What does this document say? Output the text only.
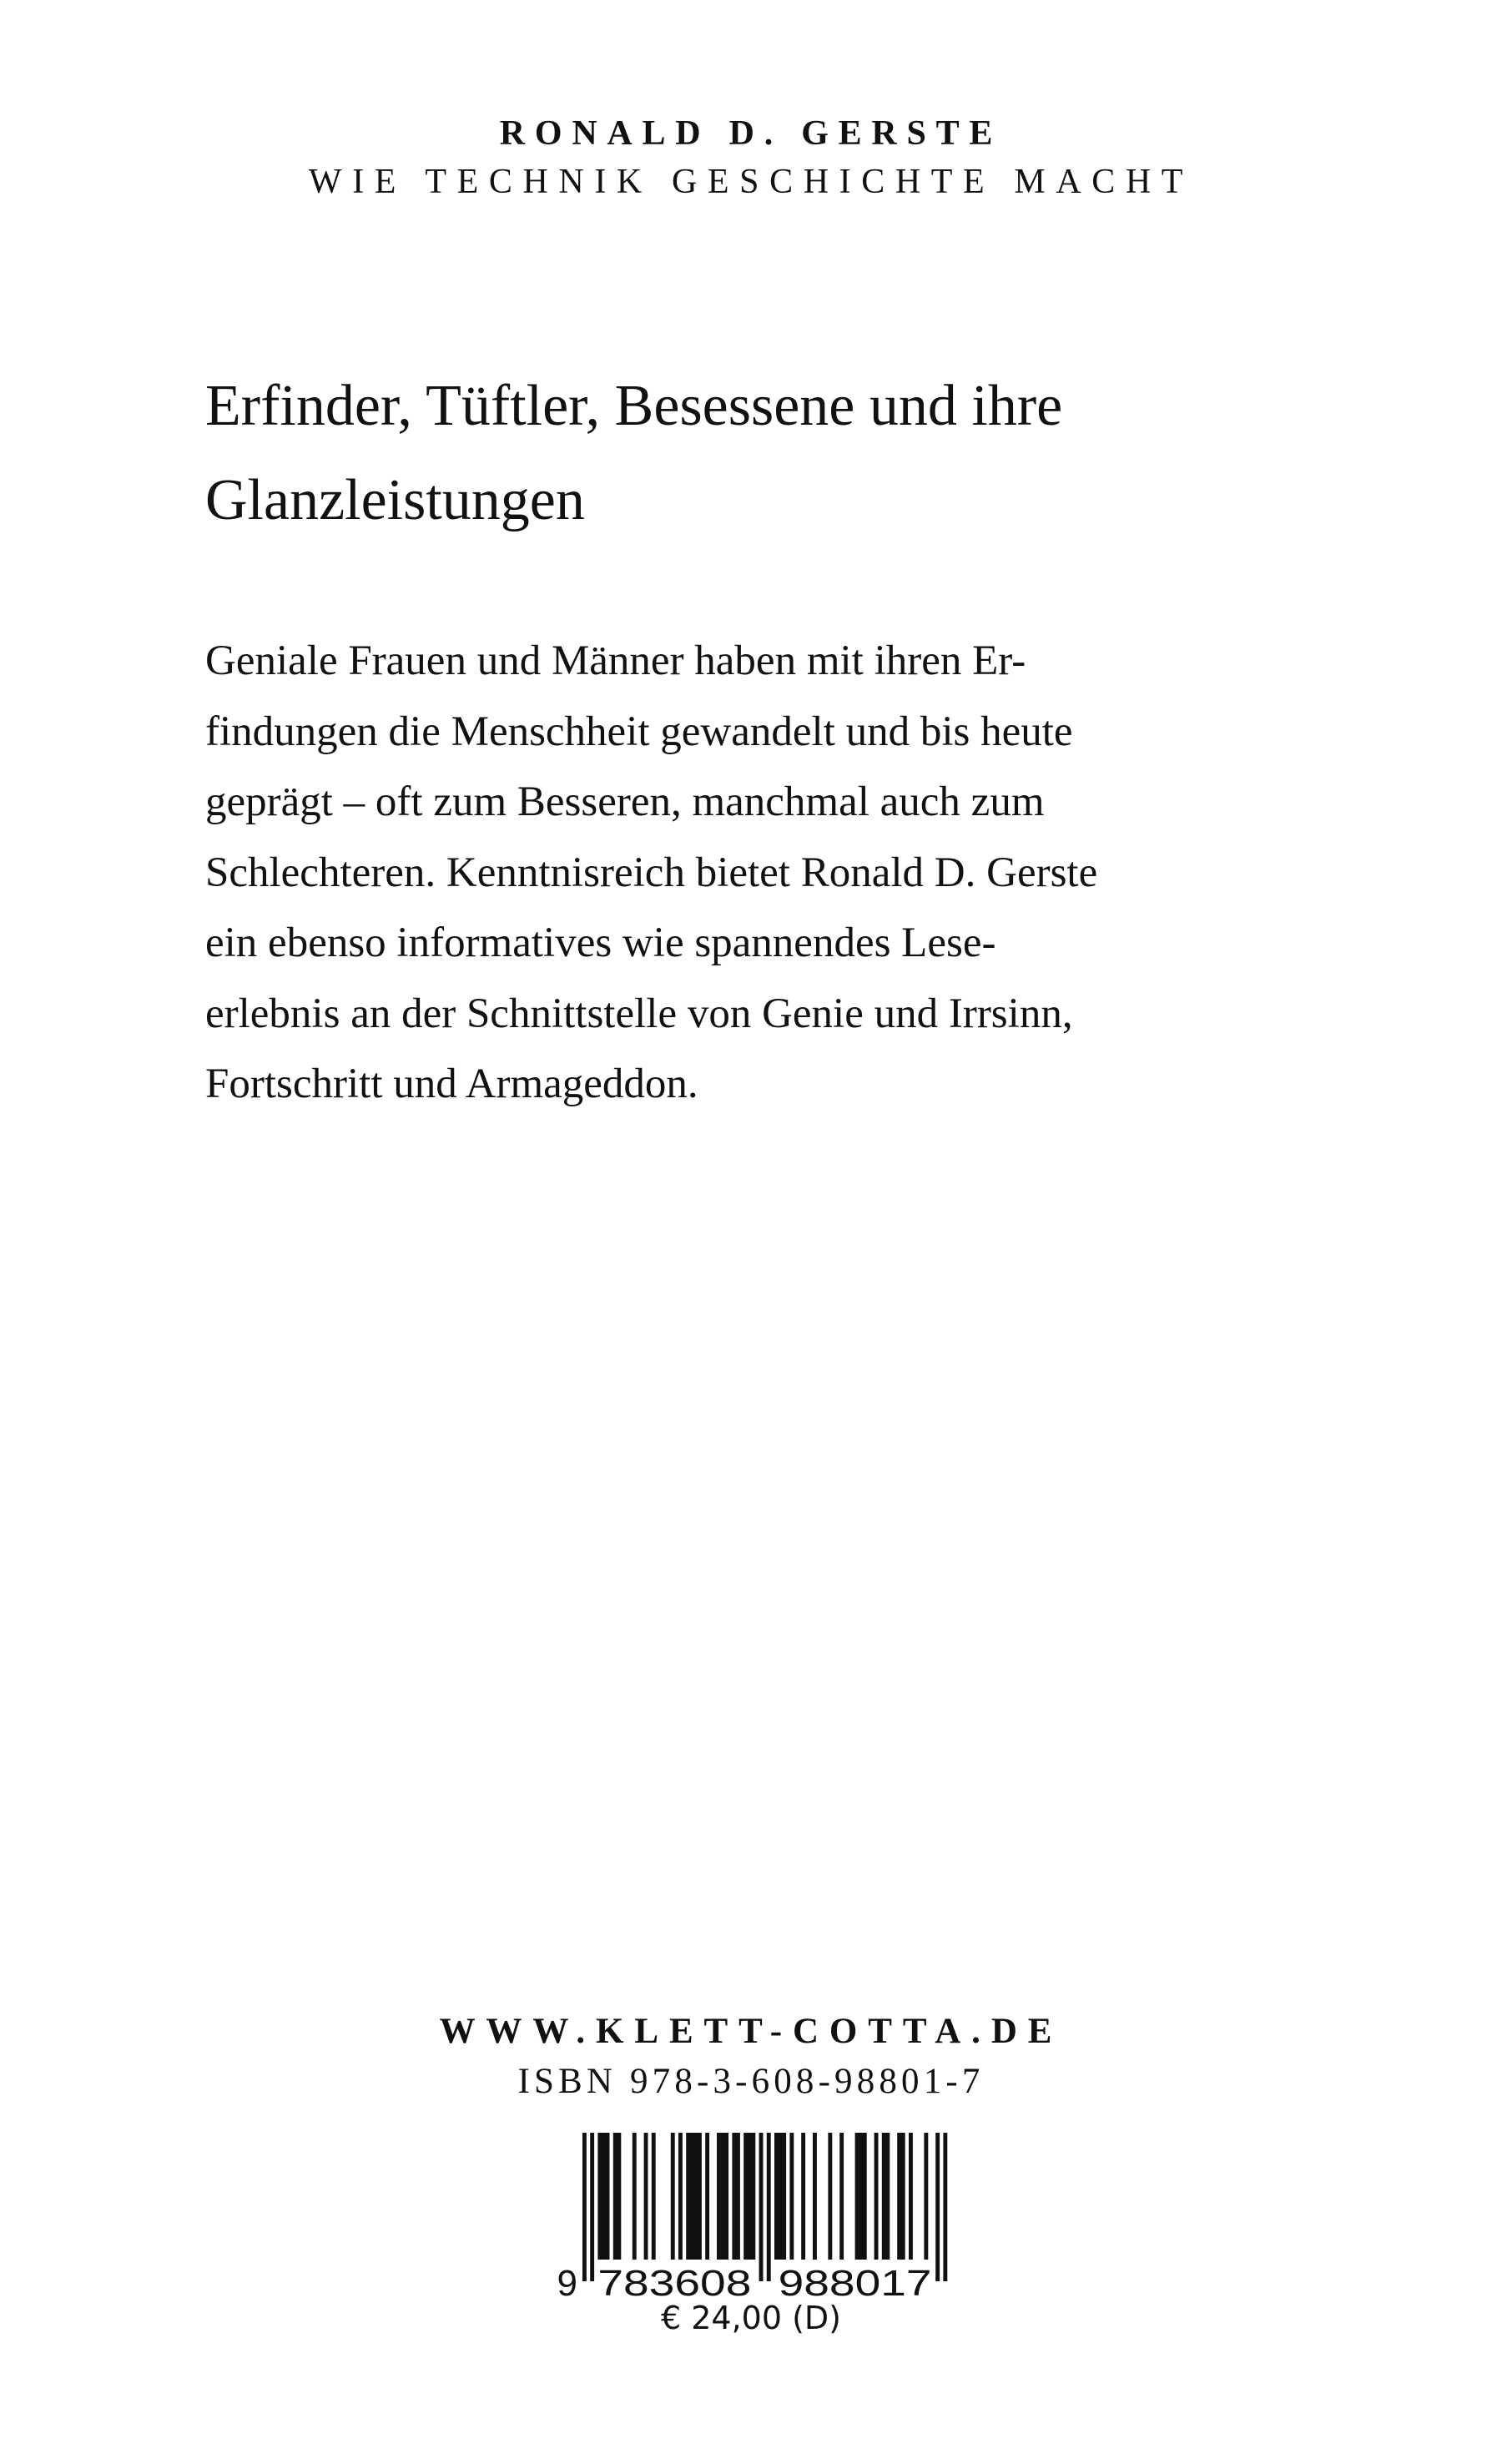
RONALD D. GERSTE
WIE TECHNIK GESCHICHTE MACHT
Erfinder, Tüftler, Besessene und ihre
Glanzleistungen
Geniale Frauen und Männer haben mit ihren Er-
findungen die Menschheit gewandelt und bis heute
geprägt – oft zum Besseren, manchmal auch zum
Schlechteren. Kenntnisreich bietet Ronald D. Gerste
ein ebenso informatives wie spannendes Lese-
erlebnis an der Schnittstelle von Genie und Irrsinn,
Fortschritt und Armageddon.
WWW.KLETT-COTTA.DE
ISBN 978-3-608-98801-7
9 783608 988017
€ 24,00 (D)
